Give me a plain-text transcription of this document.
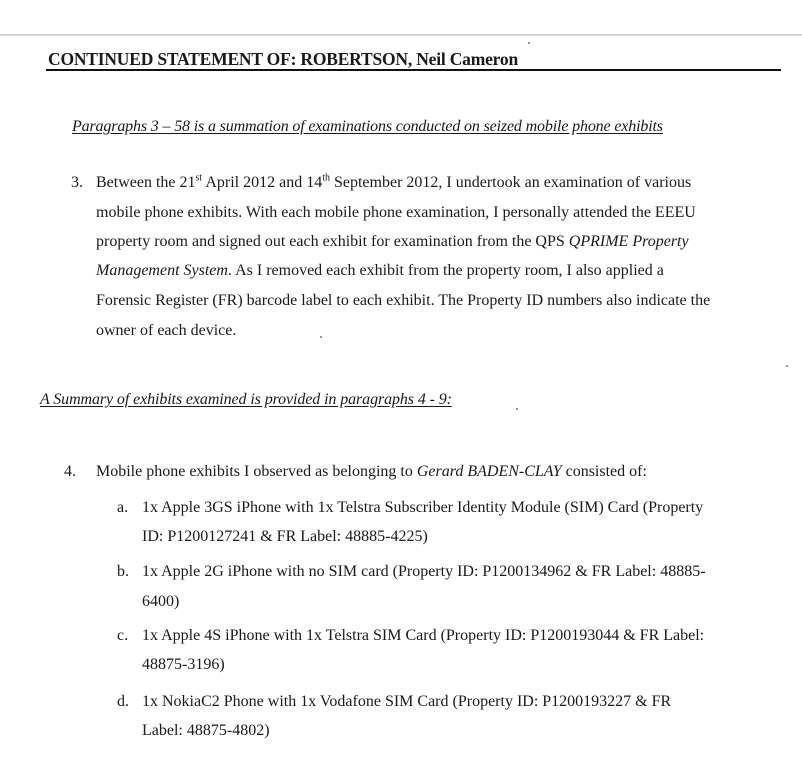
CONTINUED STATEMENT OF: ROBERTSON, Neil Cameron
Paragraphs 3 – 58 is a summation of examinations conducted on seized mobile phone exhibits
3. Between the 21st April 2012 and 14th September 2012, I undertook an examination of various
mobile phone exhibits. With each mobile phone examination, I personally attended the EEEU
property room and signed out each exhibit for examination from the QPS QPRIME Property
Management System. As I removed each exhibit from the property room, I also applied a
Forensic Register (FR) barcode label to each exhibit. The Property ID numbers also indicate the
owner of each device.
A Summary of exhibits examined is provided in paragraphs 4 - 9:
4. Mobile phone exhibits I observed as belonging to Gerard BADEN-CLAY consisted of:
a. 1x Apple 3GS iPhone with 1x Telstra Subscriber Identity Module (SIM) Card (Property
ID: P1200127241 & FR Label: 48885-4225)
b. 1x Apple 2G iPhone with no SIM card (Property ID: P1200134962 & FR Label: 48885-
6400)
c. 1x Apple 4S iPhone with 1x Telstra SIM Card (Property ID: P1200193044 & FR Label:
48875-3196)
d. 1x NokiaC2 Phone with 1x Vodafone SIM Card (Property ID: P1200193227 & FR
Label: 48875-4802)
